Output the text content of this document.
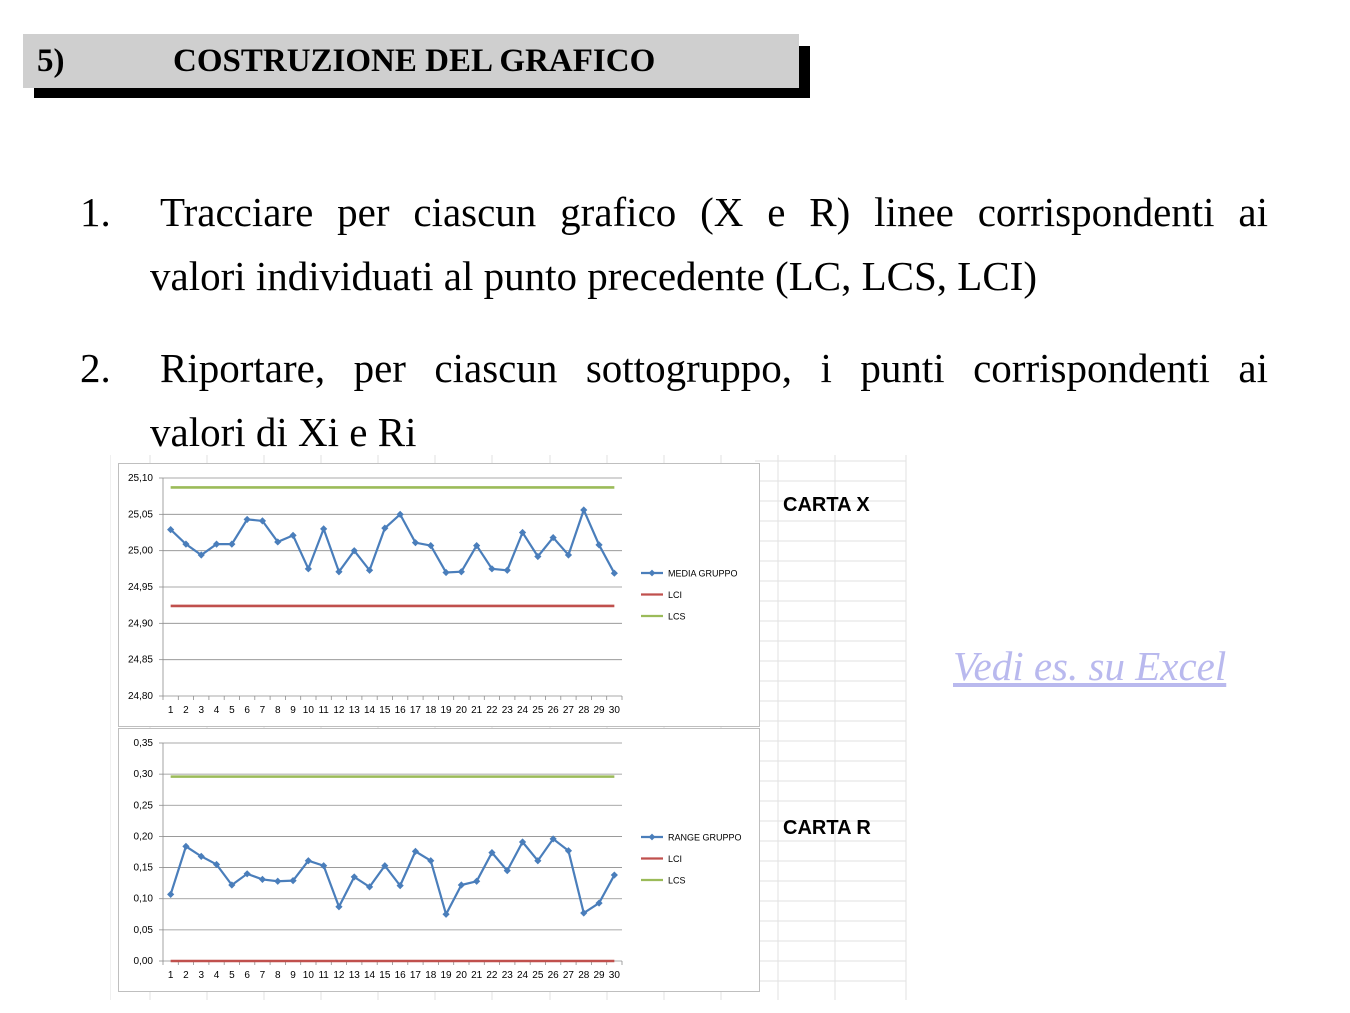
5)	COSTRUZIONE DEL GRAFICO
1. Tracciare per ciascun grafico (X e R) linee corrispondenti ai
valori individuati al punto precedente (LC, LCS, LCI)
2. Riportare, per ciascun sottogruppo, i punti corrispondenti ai
valori di Xi e Ri
24,80
24,85
24,90
24,95
25,00
25,05
25,10
1 2 3 4 5 6 7 8 9 10 11 12 13 14 15 16 17 18 19 20 21 22 23 24 25 26 27 28 29 30
MEDIA GRUPPO
LCI
LCS
0,00
0,05
0,10
0,15
0,20
0,25
0,30
0,35
1 2 3 4 5 6 7 8 9 10 11 12 13 14 15 16 17 18 19 20 21 22 23 24 25 26 27 28 29 30
RANGE GRUPPO
LCI
LCS
CARTA X
CARTA R
Vedi es. su Excel
